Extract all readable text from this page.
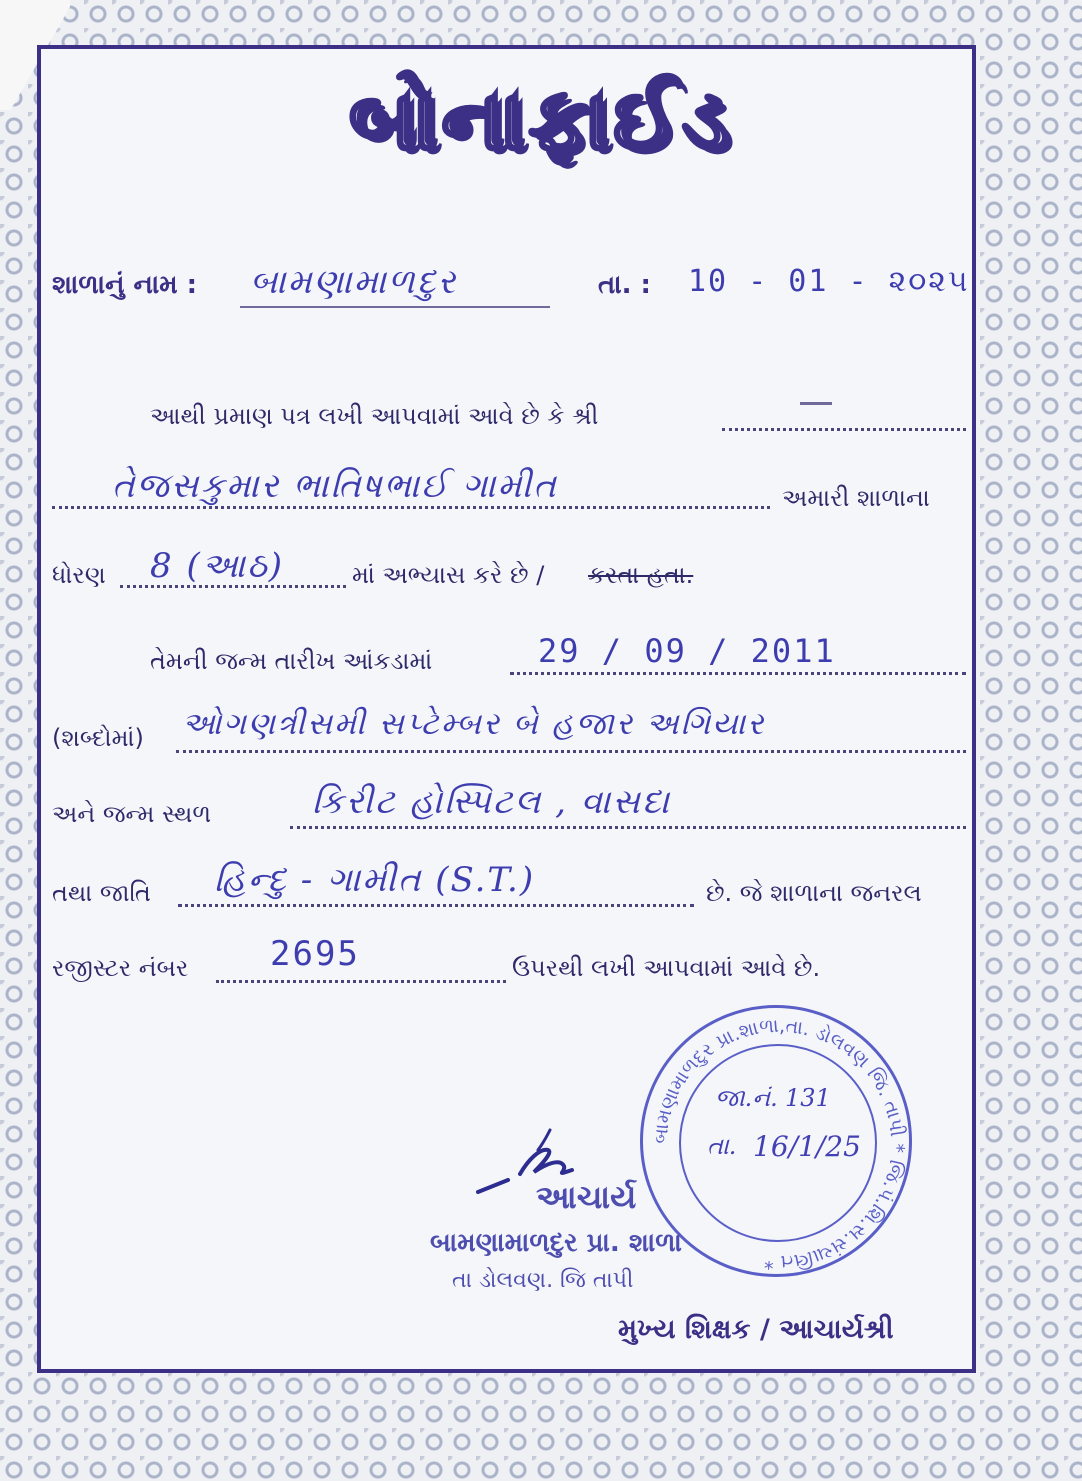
બોનાફાઈડ
શાળાનું નામ : બામણામાળદુર	તા. : 10 - 01 - ૨૦૨૫
આથી પ્રમાણ પત્ર લખી આપવામાં આવે છે કે શ્રી
તેજસકુમાર ભાતિષભાઈ ગામીત	અમારી શાળાના
ધોરણ 8 (આઠ)	માં અભ્યાસ કરે છે / કરતા હતા.
તેમની જન્મ તારીખ આંકડામાં	29 / 09 / 2011
(શબ્દોમાં) ઓગણત્રીસમી સપ્ટેમ્બર બે હજાર અગિયાર
અને જન્મ સ્થળ	કિરીટ હોસ્પિટલ , વાસદા
તથા જાતિ હિન્દુ - ગામીત (S.T.)	છે. જે શાળાના જનરલ
રજીસ્ટર નંબર 2695	ઉપરથી લખી આપવામાં આવે છે.
બામણામાળદુર પ્રા.શાળા,તા. ડોલવણ જિ. તાપી * જિ.પં.શિ.સ.સંચાલિત *
જા.નં. 131
તા. 16/1/25
આચાર્ય
બામણામાળદુર પ્રા. શાળા
તા ડોલવણ. જિ તાપી
મુખ્ય શિક્ષક / આચાર્યશ્રી
